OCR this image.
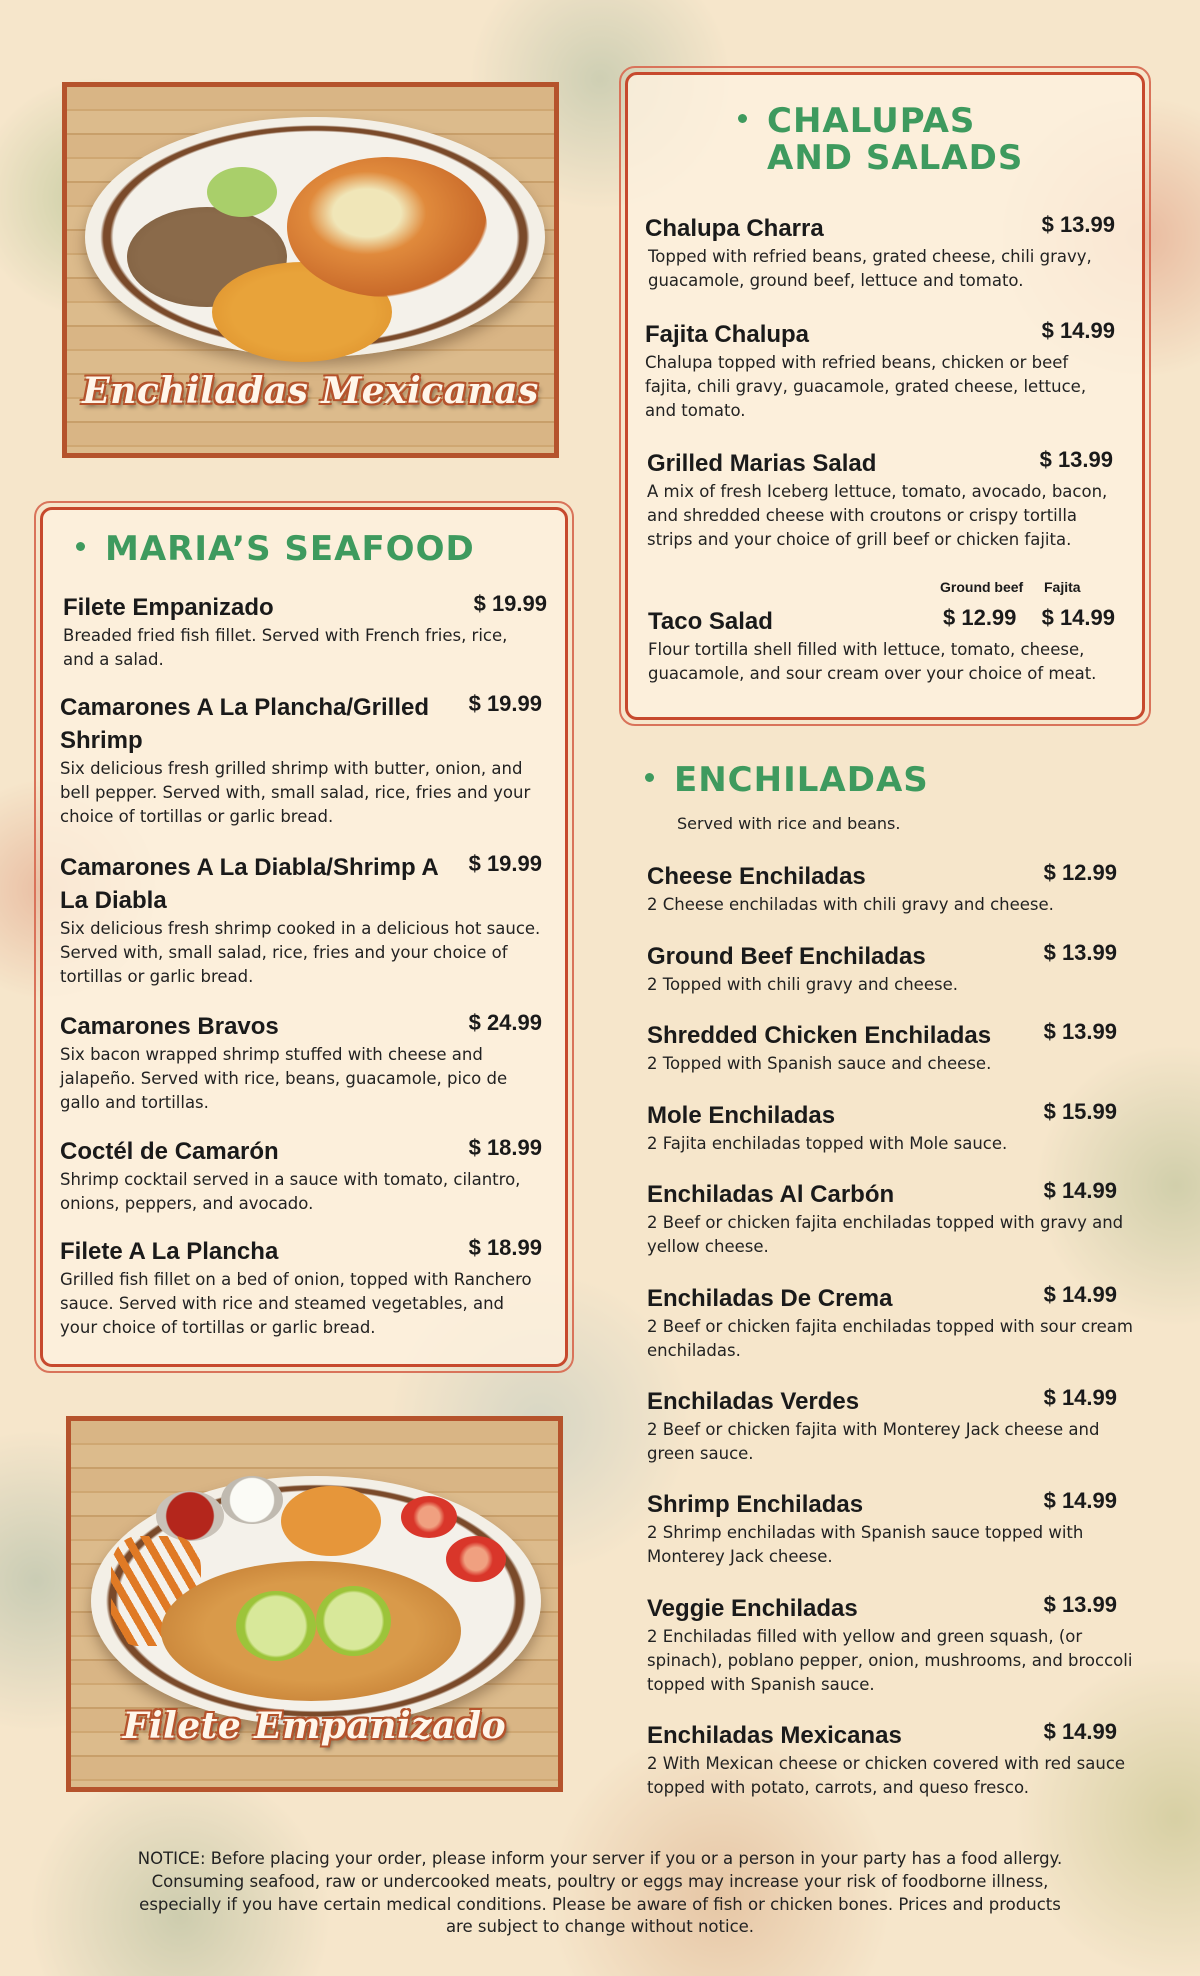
Enchiladas Mexicanas
CHALUPAS
AND SALADS
Chalupa Charra	$ 13.99
Topped with refried beans, grated cheese, chili gravy, guacamole, ground beef, lettuce and tomato.
Fajita Chalupa	$ 14.99
Chalupa topped with refried beans, chicken or beef fajita, chili gravy, guacamole, grated cheese, lettuce, and tomato.
Grilled Marias Salad	$ 13.99
A mix of fresh Iceberg lettuce, tomato, avocado, bacon, and shredded cheese with croutons or crispy tortilla strips and your choice of grill beef or chicken fajita.
Ground beef Fajita
Taco Salad	$ 12.99 $ 14.99
Flour tortilla shell filled with lettuce, tomato, cheese, guacamole, and sour cream over your choice of meat.
MARIA’S SEAFOOD
Filete Empanizado	$ 19.99
Breaded fried fish fillet. Served with French fries, rice, and a salad.
Camarones A La Plancha/Grilled Shrimp
$ 19.99
Six delicious fresh grilled shrimp with butter, onion, and bell pepper. Served with, small salad, rice, fries and your choice of tortillas or garlic bread.
Camarones A La Diabla/Shrimp A La Diabla
$ 19.99
Six delicious fresh shrimp cooked in a delicious hot sauce. Served with, small salad, rice, fries and your choice of tortillas or garlic bread.
Camarones Bravos	$ 24.99
Six bacon wrapped shrimp stuffed with cheese and jalapeño. Served with rice, beans, guacamole, pico de gallo and tortillas.
Coctél de Camarón	$ 18.99
Shrimp cocktail served in a sauce with tomato, cilantro, onions, peppers, and avocado.
Filete A La Plancha	$ 18.99
Grilled fish fillet on a bed of onion, topped with Ranchero sauce. Served with rice and steamed vegetables, and your choice of tortillas or garlic bread.
Filete Empanizado
ENCHILADAS
Served with rice and beans.
Cheese Enchiladas	$ 12.99
2 Cheese enchiladas with chili gravy and cheese.
Ground Beef Enchiladas	$ 13.99
2 Topped with chili gravy and cheese.
Shredded Chicken Enchiladas	$ 13.99
2 Topped with Spanish sauce and cheese.
Mole Enchiladas	$ 15.99
2 Fajita enchiladas topped with Mole sauce.
Enchiladas Al Carbón	$ 14.99
2 Beef or chicken fajita enchiladas topped with gravy and yellow cheese.
Enchiladas De Crema	$ 14.99
2 Beef or chicken fajita enchiladas topped with sour cream enchiladas.
Enchiladas Verdes	$ 14.99
2 Beef or chicken fajita with Monterey Jack cheese and green sauce.
Shrimp Enchiladas	$ 14.99
2 Shrimp enchiladas with Spanish sauce topped with Monterey Jack cheese.
Veggie Enchiladas	$ 13.99
2 Enchiladas filled with yellow and green squash, (or spinach), poblano pepper, onion, mushrooms, and broccoli topped with Spanish sauce.
Enchiladas Mexicanas	$ 14.99
2 With Mexican cheese or chicken covered with red sauce topped with potato, carrots, and queso fresco.
NOTICE: Before placing your order, please inform your server if you or a person in your party has a food allergy. Consuming seafood, raw or undercooked meats, poultry or eggs may increase your risk of foodborne illness, especially if you have certain medical conditions. Please be aware of fish or chicken bones. Prices and products are subject to change without notice.
